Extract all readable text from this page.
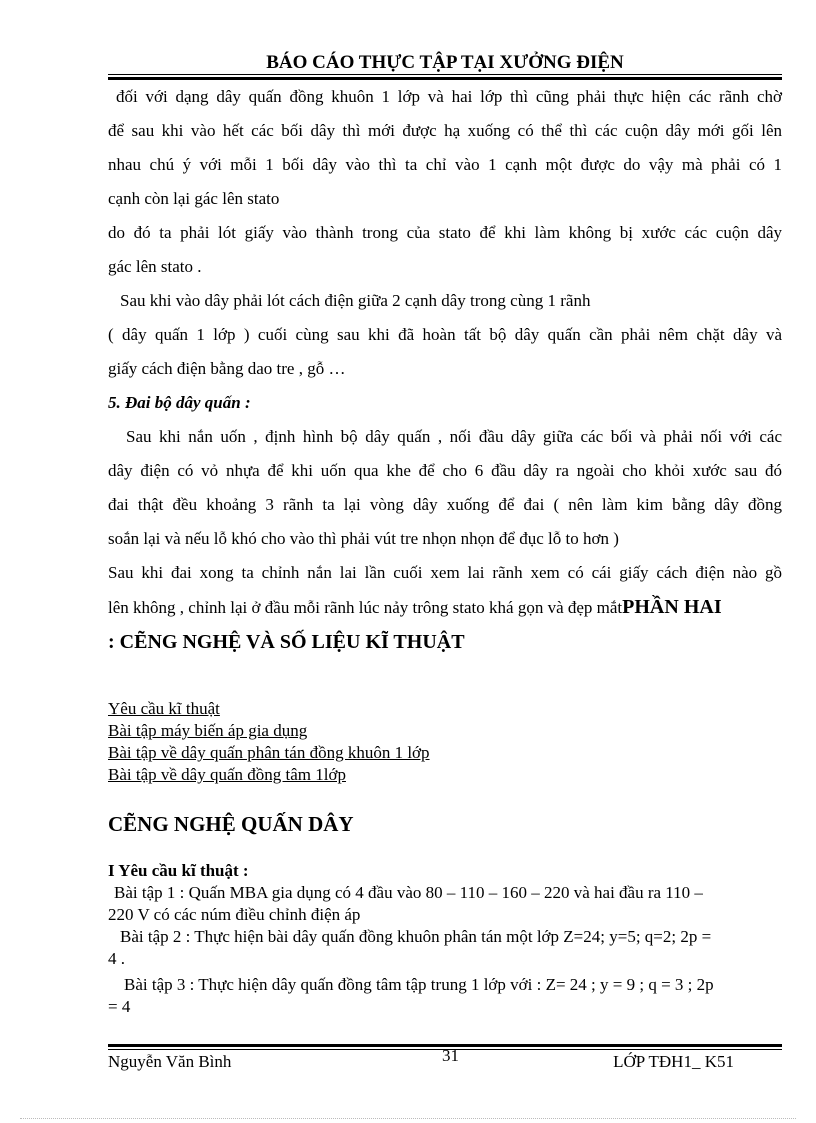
BÁO CÁO THỰC TẬP TẠI XƯỞNG ĐIỆN
đối với dạng dây quấn đồng khuôn 1 lớp và hai lớp thì cũng phải thực hiện các rãnh chờ
để sau khi vào hết các bối dây thì mới được hạ xuống có thể thì các cuộn dây mới gối lên
nhau chú ý với mỗi 1 bối dây vào thì ta chỉ vào 1 cạnh một được do vậy mà phải có 1
cạnh còn lại gác lên stato
do đó ta phải lót giấy vào thành trong của stato để khi làm không bị xước các cuộn dây
gác lên stato .
Sau khi vào dây phải lót cách điện giữa 2 cạnh dây trong cùng 1 rãnh
( dây quấn 1 lớp ) cuối cùng sau khi đã hoàn tất bộ dây quấn cần phải nêm chặt dây và
giấy cách điện bằng dao tre , gỗ …
5. Đai bộ dây quấn :
Sau khi nắn uốn , định hình bộ dây quấn , nối đầu dây giữa các bối và phải nối với các
dây điện có vỏ nhựa để khi uốn qua khe để cho 6 đầu dây ra ngoài cho khỏi xước sau đó
đai thật đều khoảng 3 rãnh ta lại vòng dây xuống để đai ( nên làm kim bằng dây đồng
soắn lại và nếu lỗ khó cho vào thì phải vút tre nhọn nhọn để đục lỗ to hơn )
Sau khi đai xong ta chỉnh nắn lai lần cuối xem lai rãnh xem có cái giấy cách điện nào gồ
lên không , chỉnh lại ở đầu mỗi rãnh lúc nảy trông stato khá gọn và đẹp mắtPHẦN HAI
: CẼNG NGHỆ VÀ SỐ LIỆU KĨ THUẬT
Yêu cầu kĩ thuật
Bài tập máy biến áp gia dụng
Bài tập về dây quấn phân tán đồng khuôn 1 lớp
Bài tập về dây quấn đồng tâm 1lớp
CẼNG NGHỆ QUẤN DÂY
I Yêu cầu kĩ thuật :
Bài tập 1 : Quấn MBA gia dụng có 4 đầu vào 80 – 110 – 160 – 220 và hai đầu ra 110 –
220 V có các núm điều chỉnh điện áp
Bài tập 2 : Thực hiện bài dây quấn đồng khuôn phân tán một lớp Z=24; y=5; q=2; 2p =
4 .
Bài tập 3 : Thực hiện dây quấn đồng tâm tập trung 1 lớp với : Z= 24 ; y = 9 ; q = 3 ; 2p
= 4
Nguyễn Văn Bình	31	LỚP TĐH1_ K51
